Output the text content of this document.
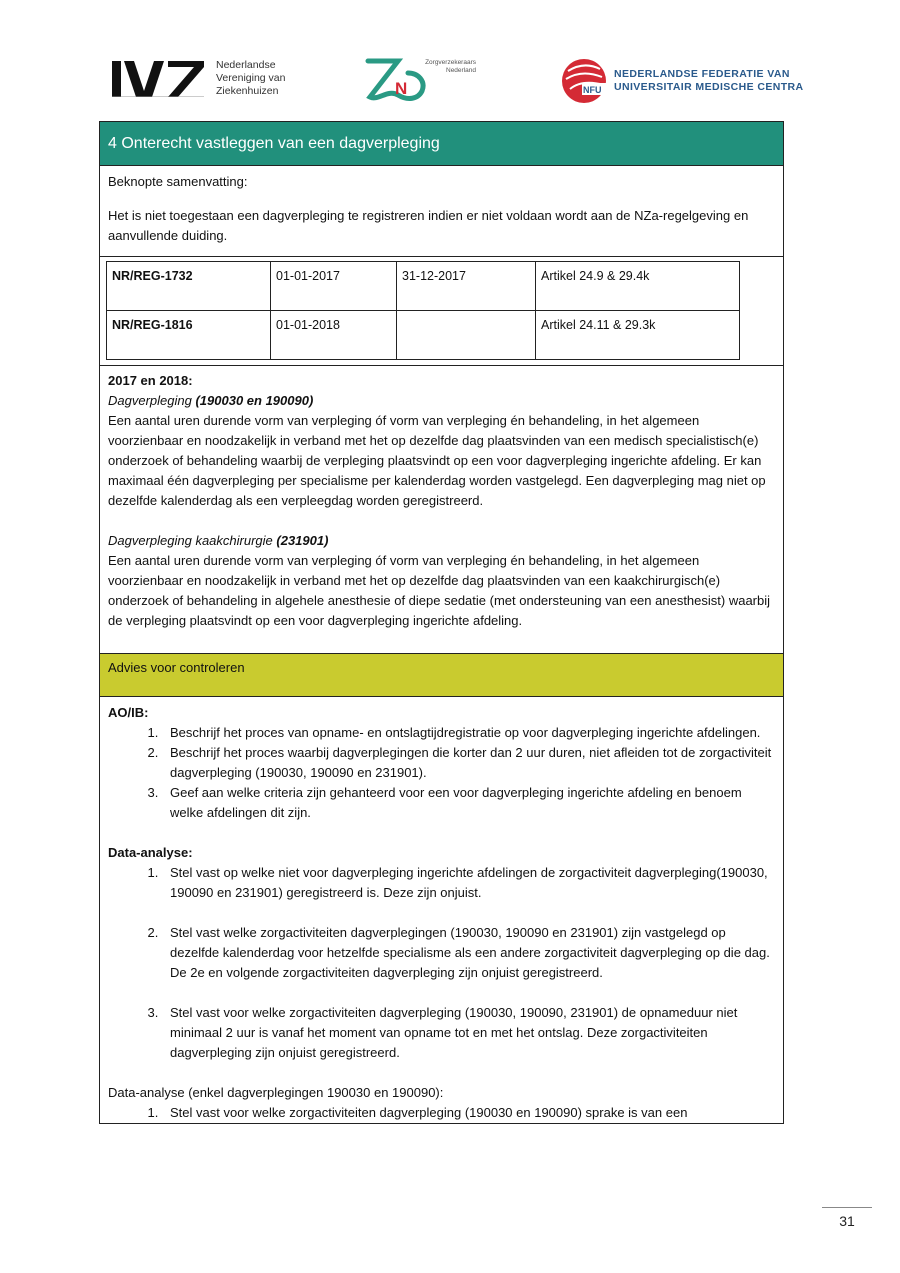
Nederlandse
Vereniging van
Ziekenhuizen	N
Zorgverzekeraars
Nederland
NFU
NEDERLANDSE FEDERATIE VAN
UNIVERSITAIR MEDISCHE CENTRA
4 Onterecht vastleggen van een dagverpleging

Beknopte samenvatting:

Het is niet toegestaan een dagverpleging te registreren indien er niet voldaan wordt aan de NZa-regelgeving en aanvullende duiding.

NR/REG-1732	01-01-2017	31-12-2017	Artikel 24.9 & 29.4k
NR/REG-1816	01-01-2018		Artikel 24.11 & 29.3k

2017 en 2018:

Dagverpleging (190030 en 190090)

Een aantal uren durende vorm van verpleging óf vorm van verpleging én behandeling, in het algemeen voorzienbaar en noodzakelijk in verband met het op dezelfde dag plaatsvinden van een medisch specialistisch(e) onderzoek of behandeling waarbij de verpleging plaatsvindt op een voor dagverpleging ingerichte afdeling. Er kan maximaal één dagverpleging per specialisme per kalenderdag worden vastgelegd. Een dagverpleging mag niet op dezelfde kalenderdag als een verpleegdag worden geregistreerd.

Dagverpleging kaakchirurgie (231901)

Een aantal uren durende vorm van verpleging óf vorm van verpleging én behandeling, in het algemeen voorzienbaar en noodzakelijk in verband met het op dezelfde dag plaatsvinden van een kaakchirurgisch(e) onderzoek of behandeling in algehele anesthesie of diepe sedatie (met ondersteuning van een anesthesist) waarbij de verpleging plaatsvindt op een voor dagverpleging ingerichte afdeling.

Advies voor controleren
AO/IB:
1. Beschrijf het proces van opname- en ontslagtijdregistratie op voor dagverpleging ingerichte afdelingen.
2. Beschrijf het proces waarbij dagverplegingen die korter dan 2 uur duren, niet afleiden tot de zorgactiviteit dagverpleging (190030, 190090 en 231901).
3. Geef aan welke criteria zijn gehanteerd voor een voor dagverpleging ingerichte afdeling en benoem welke afdelingen dit zijn.
Data-analyse:
1. Stel vast op welke niet voor dagverpleging ingerichte afdelingen de zorgactiviteit dagverpleging(190030, 190090 en 231901) geregistreerd is. Deze zijn onjuist.
2. Stel vast welke zorgactiviteiten dagverplegingen (190030, 190090 en 231901) zijn vastgelegd op dezelfde kalenderdag voor hetzelfde specialisme als een andere zorgactiviteit dagverpleging op die dag. De 2e en volgende zorgactiviteiten dagverpleging zijn onjuist geregistreerd.
3. Stel vast voor welke zorgactiviteiten dagverpleging (190030, 190090, 231901) de opnameduur niet minimaal 2 uur is vanaf het moment van opname tot en met het ontslag. Deze zorgactiviteiten dagverpleging zijn onjuist geregistreerd.
Data-analyse (enkel dagverplegingen 190030 en 190090):
1. Stel vast voor welke zorgactiviteiten dagverpleging (190030 en 190090) sprake is van een
31
